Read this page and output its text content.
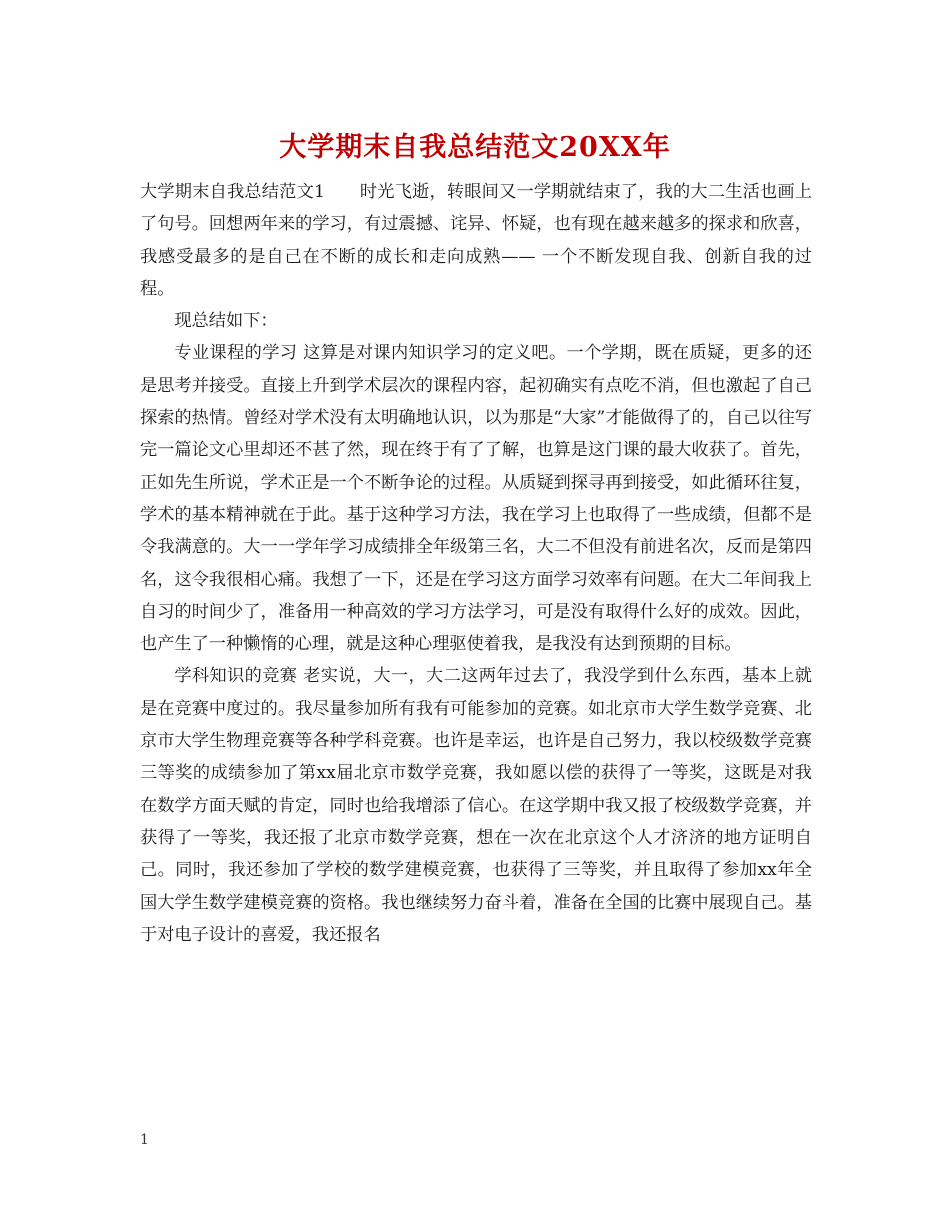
大学期末自我总结范文20XX年

大学期末自我总结范文1　　时光飞逝，转眼间又一学期就结束了，我的大二生活也画上了句号。回想两年来的学习，有过震撼、诧异、怀疑，也有现在越来越多的探求和欣喜，我感受最多的是自己在不断的成长和走向成熟—— 一个不断发现自我、创新自我的过程。

现总结如下：

专业课程的学习 这算是对课内知识学习的定义吧。一个学期，既在质疑，更多的还是思考并接受。直接上升到学术层次的课程内容，起初确实有点吃不消，但也激起了自己探索的热情。曾经对学术没有太明确地认识，以为那是“大家”才能做得了的，自己以往写完一篇论文心里却还不甚了然，现在终于有了了解，也算是这门课的最大收获了。首先，正如先生所说，学术正是一个不断争论的过程。从质疑到探寻再到接受，如此循环往复，学术的基本精神就在于此。基于这种学习方法，我在学习上也取得了一些成绩，但都不是令我满意的。大一一学年学习成绩排全年级第三名，大二不但没有前进名次，反而是第四名，这令我很相心痛。我想了一下，还是在学习这方面学习效率有问题。在大二年间我上自习的时间少了，准备用一种高效的学习方法学习，可是没有取得什么好的成效。因此，也产生了一种懒惰的心理，就是这种心理驱使着我，是我没有达到预期的目标。

学科知识的竞赛 老实说，大一，大二这两年过去了，我没学到什么东西，基本上就是在竞赛中度过的。我尽量参加所有我有可能参加的竞赛。如北京市大学生数学竞赛、北京市大学生物理竞赛等各种学科竞赛。也许是幸运，也许是自己努力，我以校级数学竞赛三等奖的成绩参加了第xx届北京市数学竞赛，我如愿以偿的获得了一等奖，这既是对我在数学方面天赋的肯定，同时也给我增添了信心。在这学期中我又报了校级数学竞赛，并获得了一等奖，我还报了北京市数学竞赛，想在一次在北京这个人才济济的地方证明自己。同时，我还参加了学校的数学建模竞赛，也获得了三等奖，并且取得了参加xx年全国大学生数学建模竞赛的资格。我也继续努力奋斗着，准备在全国的比赛中展现自己。基于对电子设计的喜爱，我还报名

1
